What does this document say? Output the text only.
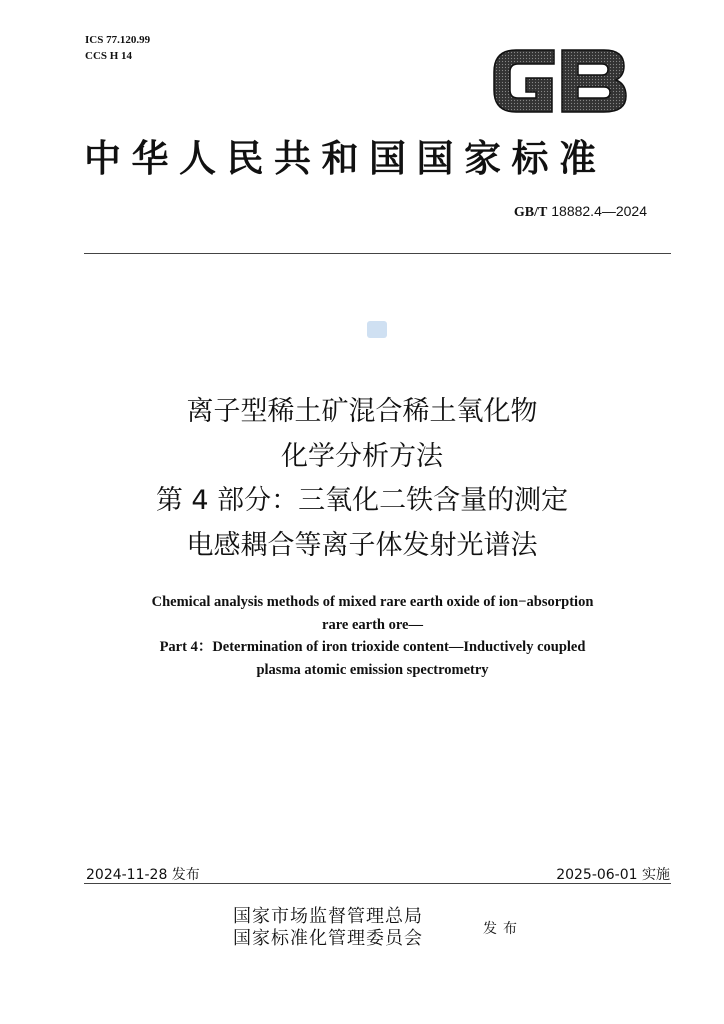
ICS 77.120.99
CCS H 14
中华人民共和国国家标准
GB/T 18882.4—2024
离子型稀土矿混合稀土氧化物
化学分析方法
第 4 部分：三氧化二铁含量的测定
电感耦合等离子体发射光谱法
Chemical analysis methods of mixed rare earth oxide of ion−absorption
rare earth ore—
Part 4：Determination of iron trioxide content—Inductively coupled
plasma atomic emission spectrometry
2024-11-28 发布	2025-06-01 实施
国家市场监督管理总局
国家标准化管理委员会	发布
